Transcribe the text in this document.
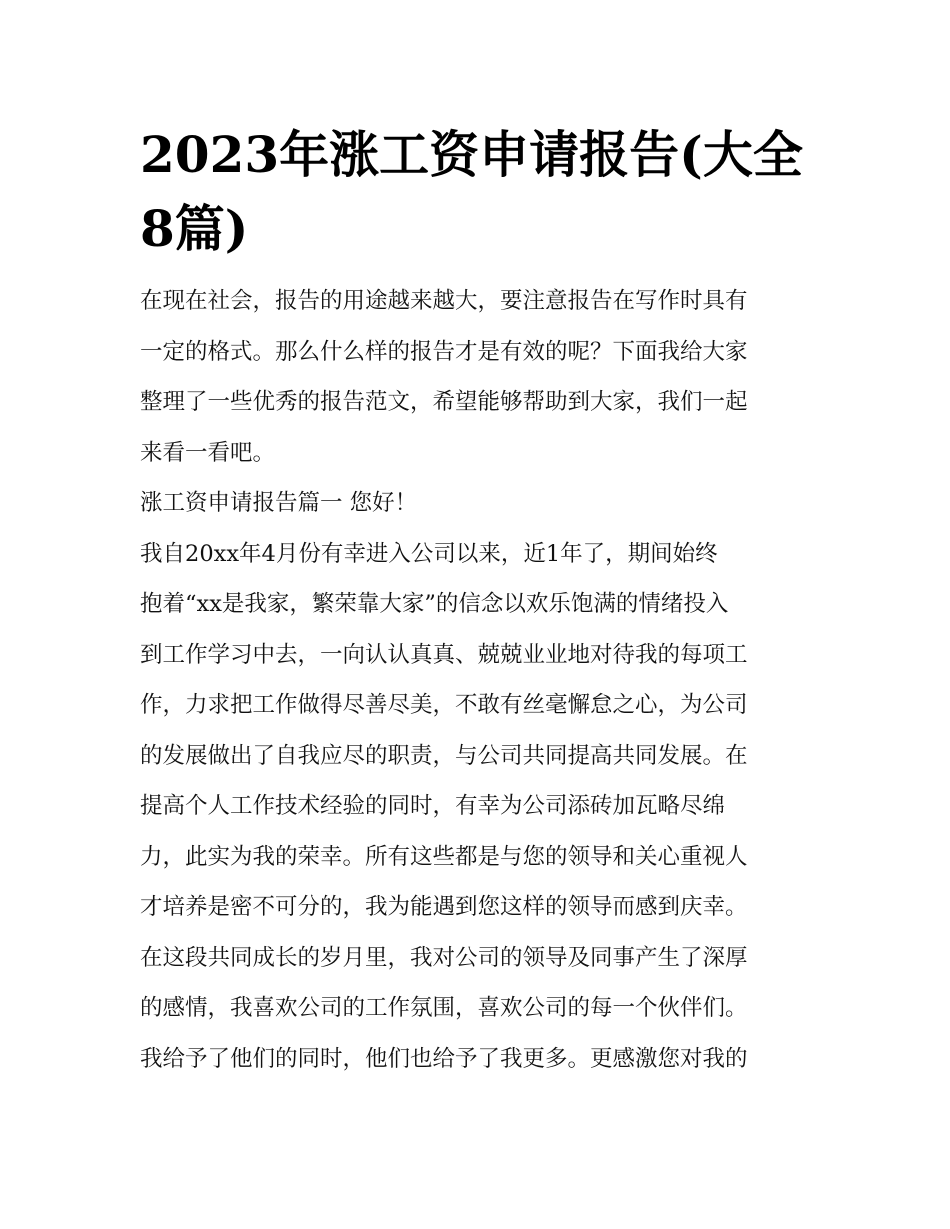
2023年涨工资申请报告(大全8篇)

在现在社会，报告的用途越来越大，要注意报告在写作时具有

一定的格式。那么什么样的报告才是有效的呢？下面我给大家

整理了一些优秀的报告范文，希望能够帮助到大家，我们一起

来看一看吧。

涨工资申请报告篇一 您好！

我自20xx年4月份有幸进入公司以来，近1年了，期间始终

抱着“xx是我家，繁荣靠大家”的信念以欢乐饱满的情绪投入

到工作学习中去，一向认认真真、兢兢业业地对待我的每项工

作，力求把工作做得尽善尽美，不敢有丝毫懈怠之心，为公司

的发展做出了自我应尽的职责，与公司共同提高共同发展。在

提高个人工作技术经验的同时，有幸为公司添砖加瓦略尽绵

力，此实为我的荣幸。所有这些都是与您的领导和关心重视人

才培养是密不可分的，我为能遇到您这样的领导而感到庆幸。

在这段共同成长的岁月里，我对公司的领导及同事产生了深厚

的感情，我喜欢公司的工作氛围，喜欢公司的每一个伙伴们。

我给予了他们的同时，他们也给予了我更多。更感激您对我的
